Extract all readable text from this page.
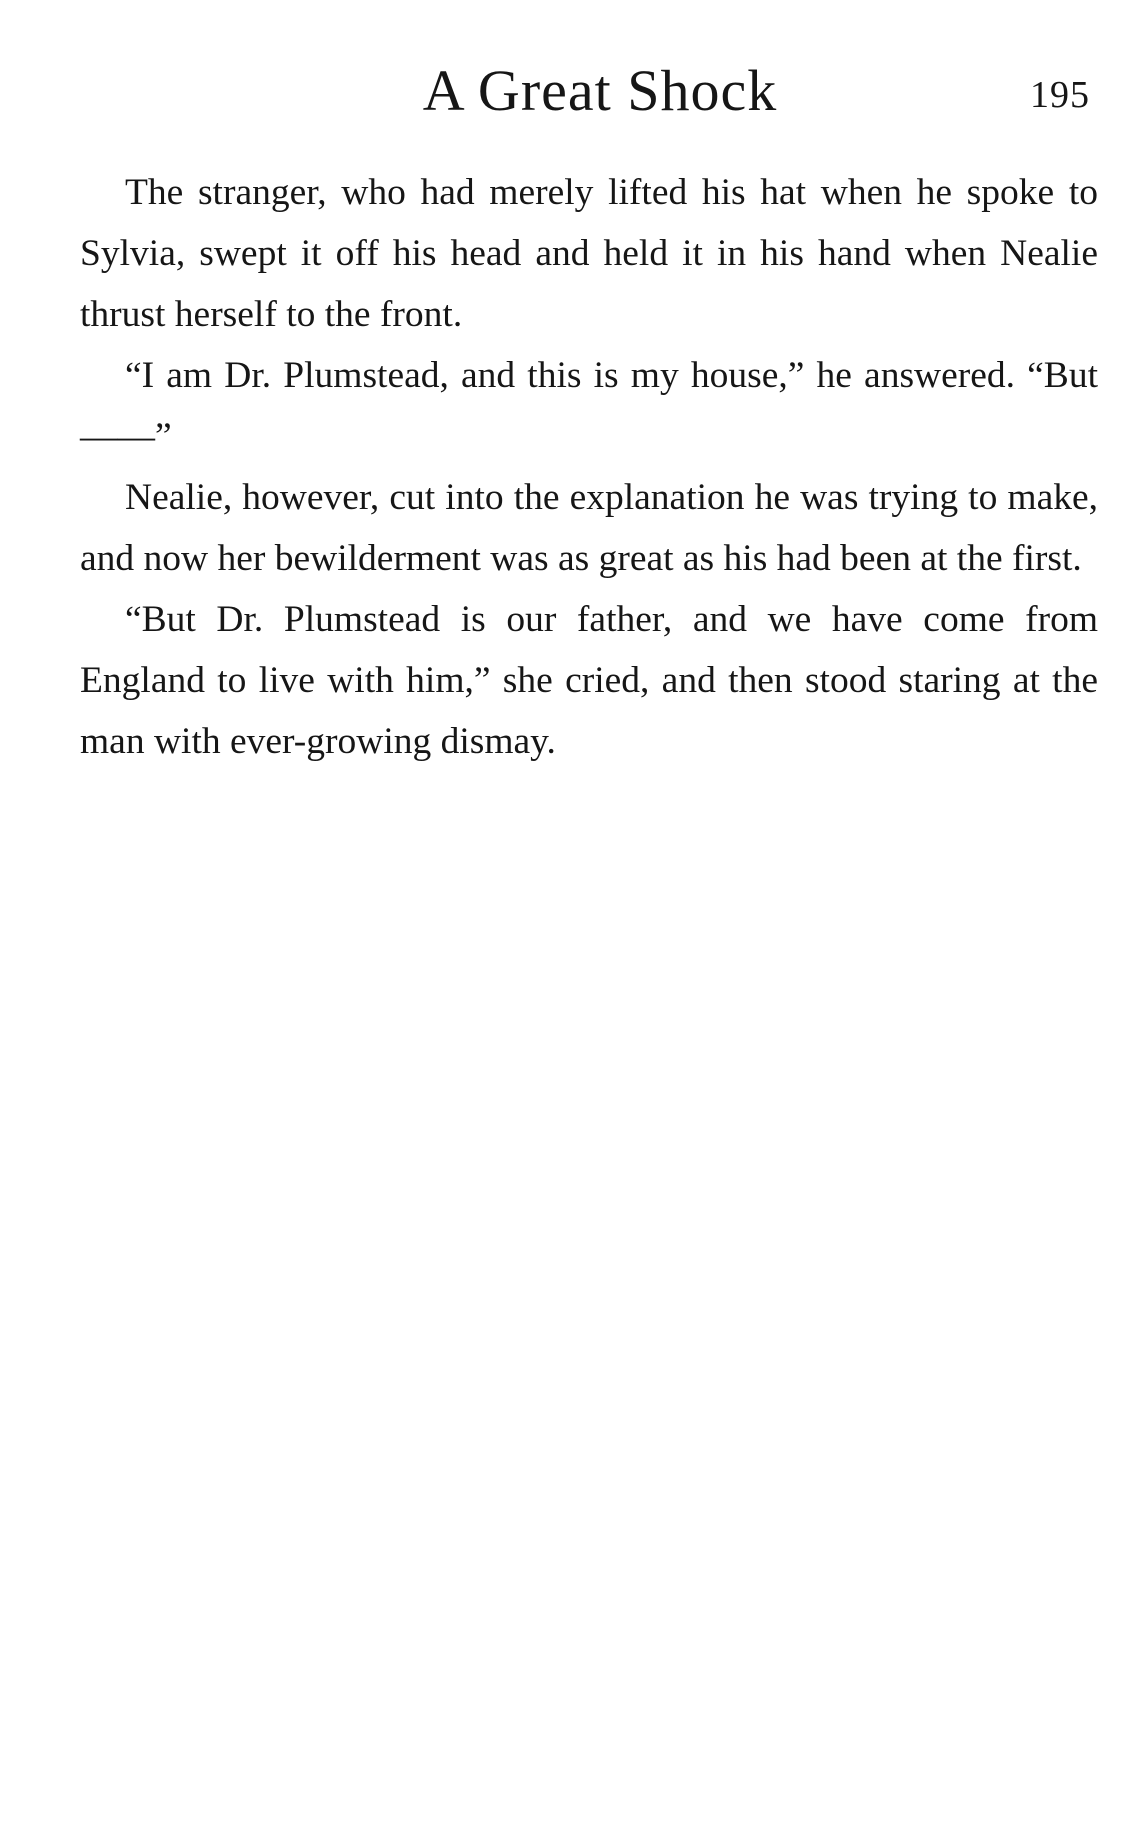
A Great Shock	195

The stranger, who had merely lifted his hat when he spoke to Sylvia, swept it off his head and held it in his hand when Nealie thrust herself to the front.

“I am Dr. Plumstead, and this is my house,” he answered. “But——”

Nealie, however, cut into the explanation he was trying to make, and now her bewilderment was as great as his had been at the first.

“But Dr. Plumstead is our father, and we have come from England to live with him,” she cried, and then stood staring at the man with ever-growing dismay.
